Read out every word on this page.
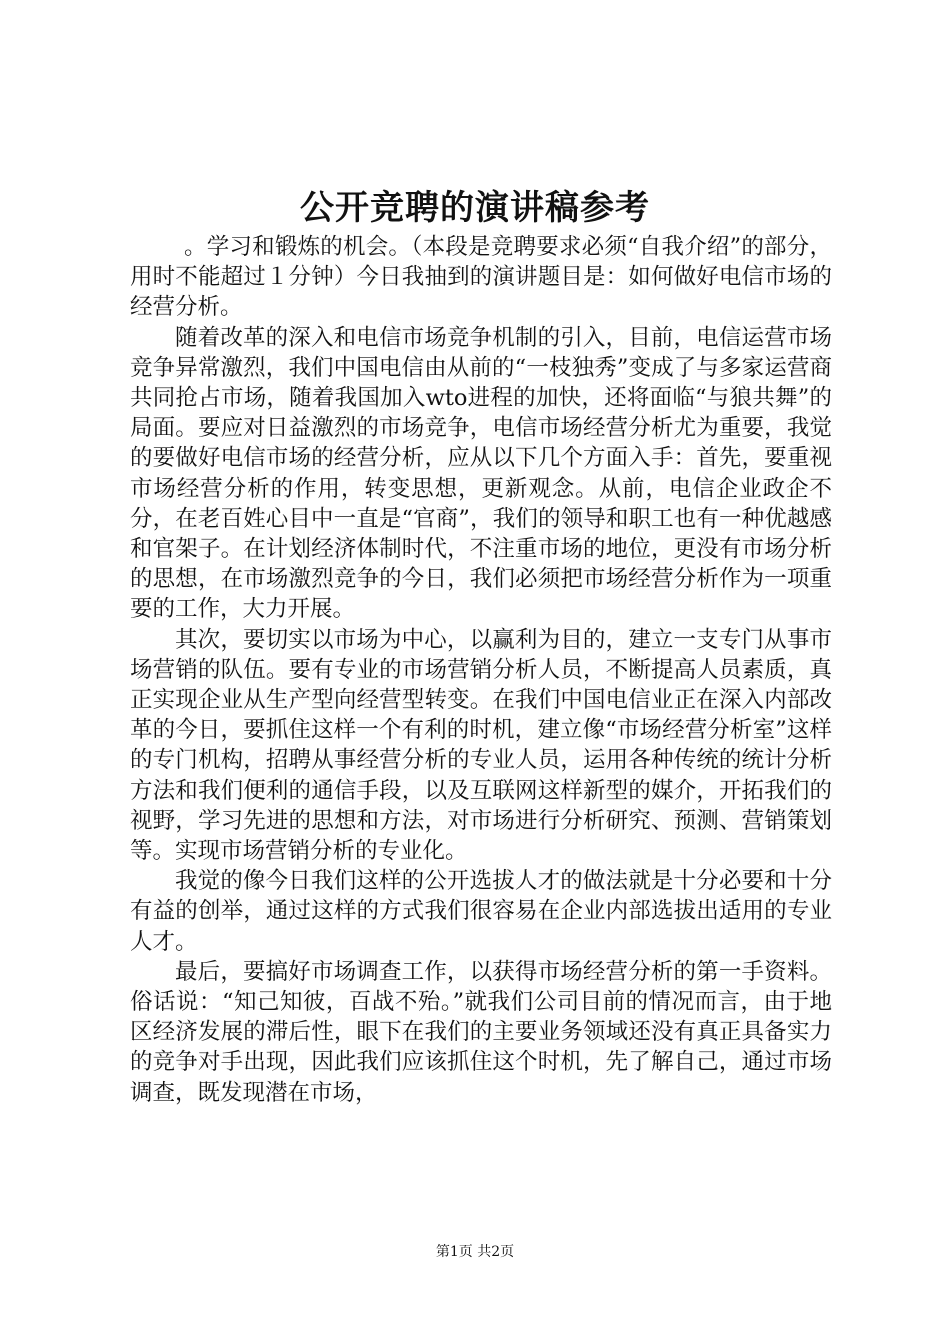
公开竞聘的演讲稿参考

。学习和锻炼的机会。（本段是竞聘要求必须“自我介绍”的部分，用时不能超过１分钟）今日我抽到的演讲题目是：如何做好电信市场的经营分析。

随着改革的深入和电信市场竞争机制的引入，目前，电信运营市场竞争异常激烈，我们中国电信由从前的“一枝独秀”变成了与多家运营商共同抢占市场，随着我国加入wto进程的加快，还将面临“与狼共舞”的局面。要应对日益激烈的市场竞争，电信市场经营分析尤为重要，我觉的要做好电信市场的经营分析，应从以下几个方面入手：首先，要重视市场经营分析的作用，转变思想，更新观念。从前，电信企业政企不分，在老百姓心目中一直是“官商”，我们的领导和职工也有一种优越感和官架子。在计划经济体制时代，不注重市场的地位，更没有市场分析的思想，在市场激烈竞争的今日，我们必须把市场经营分析作为一项重要的工作，大力开展。

其次，要切实以市场为中心，以赢利为目的，建立一支专门从事市场营销的队伍。要有专业的市场营销分析人员，不断提高人员素质，真正实现企业从生产型向经营型转变。在我们中国电信业正在深入内部改革的今日，要抓住这样一个有利的时机，建立像“市场经营分析室”这样的专门机构，招聘从事经营分析的专业人员，运用各种传统的统计分析方法和我们便利的通信手段，以及互联网这样新型的媒介，开拓我们的视野，学习先进的思想和方法，对市场进行分析研究、预测、营销策划等。实现市场营销分析的专业化。

我觉的像今日我们这样的公开选拔人才的做法就是十分必要和十分有益的创举，通过这样的方式我们很容易在企业内部选拔出适用的专业人才。

最后，要搞好市场调查工作，以获得市场经营分析的第一手资料。俗话说：“知己知彼，百战不殆。”就我们公司目前的情况而言，由于地区经济发展的滞后性，眼下在我们的主要业务领域还没有真正具备实力的竞争对手出现，因此我们应该抓住这个时机，先了解自己，通过市场调查，既发现潜在市场，

第1页 共2页
